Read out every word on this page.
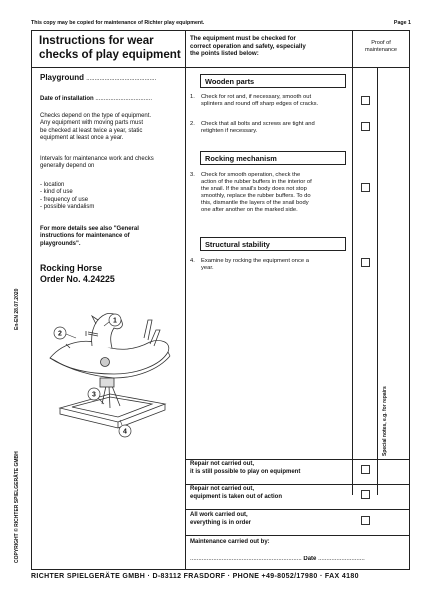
This copy may be copied for maintenance of Richter play equipment.	Page 1
En-EN 28.07.2020
COPYRIGHT © RICHTER SPIELGERÄTE GMBH
Instructions for wear
checks of play equipment
The equipment must be checked for
correct operation and safety, especially
the points listed below:
Proof of
maintenance
Playground ..........................................
Date of installation ..................................
Checks depend on the type of equipment.
Any equipment with moving parts must
be checked at least twice a year, static
equipment at least once a year.
Intervals for maintenance work and checks
generally depend on
- location
- kind of use
- frequency of use
- possible vandalism
For more details see also "General
instructions for maintenance of
playgrounds".
Rocking Horse
Order No. 4.24225
1
2
3
4
Wooden parts
1. Check for rot and, if necessary, smooth out
splinters and round off sharp edges of cracks.
2. Check that all bolts and screws are tight and
retighten if necessary.
Rocking mechanism
3. Check for smooth operation, check the
action of the rubber buffers in the interior of
the snail. If the snail's body does not stop
smoothly, replace the rubber buffers. To do
this, dismantle the layers of the snail body
one after another on the marked side.
Structural stability
4. Examine by rocking the equipment once a
year.
Special notes, e.g. for repairs
Repair not carried out,
it is still possible to play on equipment
Repair not carried out,
equipment is taken out of action
All work carried out,
everything is in order
Maintenance carried out by:
................................................................... Date ............................
RICHTER SPIELGERÄTE GMBH · D-83112 FRASDORF · PHONE +49-8052/17980 · FAX 4180
